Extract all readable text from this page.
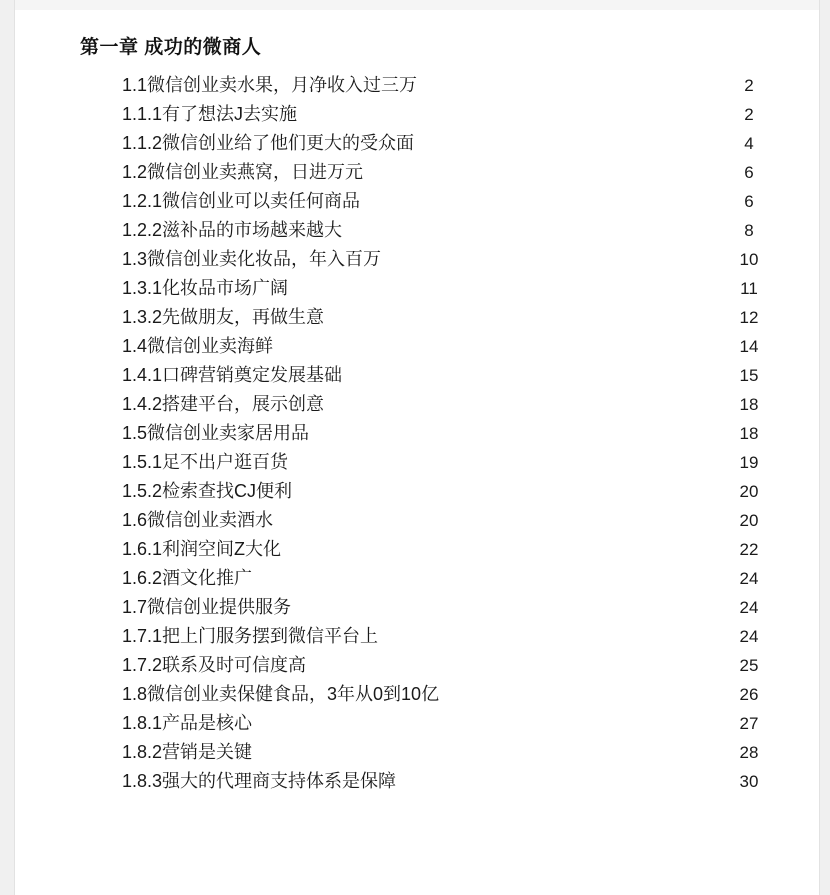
第一章 成功的微商人
1.1微信创业卖水果，月净收入过三万	2
1.1.1有了想法J去实施	2
1.1.2微信创业给了他们更大的受众面	4
1.2微信创业卖燕窝，日进万元	6
1.2.1微信创业可以卖任何商品	6
1.2.2滋补品的市场越来越大	8
1.3微信创业卖化妆品，年入百万	10
1.3.1化妆品市场广阔	11
1.3.2先做朋友，再做生意	12
1.4微信创业卖海鲜	14
1.4.1口碑营销奠定发展基础	15
1.4.2搭建平台，展示创意	18
1.5微信创业卖家居用品	18
1.5.1足不出户逛百货	19
1.5.2检索查找CJ便利	20
1.6微信创业卖酒水	20
1.6.1利润空间Z大化	22
1.6.2酒文化推广	24
1.7微信创业提供服务	24
1.7.1把上门服务摆到微信平台上	24
1.7.2联系及时可信度高	25
1.8微信创业卖保健食品，3年从0到10亿	26
1.8.1产品是核心	27
1.8.2营销是关键	28
1.8.3强大的代理商支持体系是保障	30
